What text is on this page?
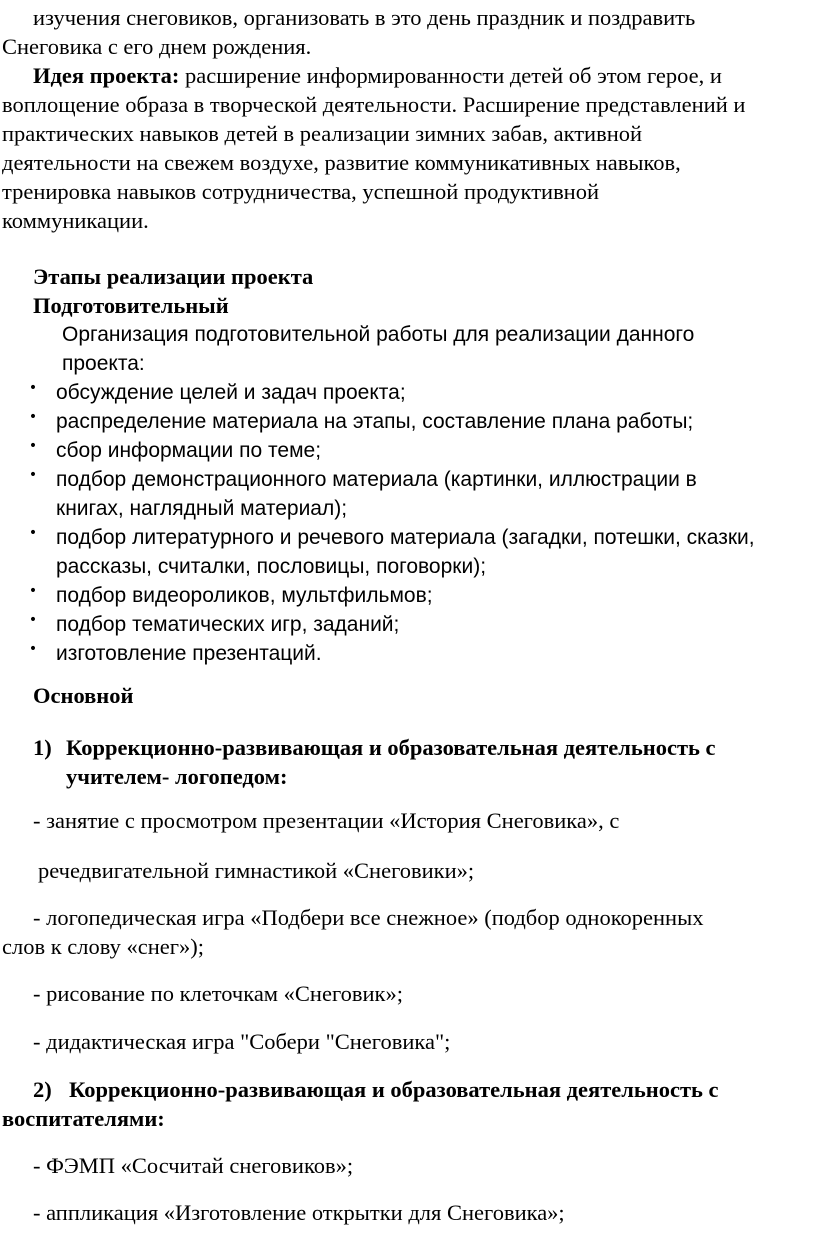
изучения снеговиков, организовать в это день праздник и поздравить
Снеговика с его днем рождения.
Идея проекта: расширение информированности детей об этом герое, и
воплощение образа в творческой деятельности. Расширение представлений и
практических навыков детей в реализации зимних забав, активной
деятельности на свежем воздухе, развитие коммуникативных навыков,
тренировка навыков сотрудничества, успешной продуктивной
коммуникации.
Этапы реализации проекта
Подготовительный
Организация подготовительной работы для реализации данного
проекта:
• обсуждение целей и задач проекта;
• распределение материала на этапы, составление плана работы;
• сбор информации по теме;
• подбор демонстрационного материала (картинки, иллюстрации в
книгах, наглядный материал);
• подбор литературного и речевого материала (загадки, потешки, сказки,
рассказы, считалки, пословицы, поговорки);
• подбор видеороликов, мультфильмов;
• подбор тематических игр, заданий;
• изготовление презентаций.
Основной
1) Коррекционно-развивающая и образовательная деятельность с
учителем- логопедом:
- занятие с просмотром презентации «История Снеговика», с
речедвигательной гимнастикой «Снеговики»;
- логопедическая игра «Подбери все снежное» (подбор однокоренных
слов к слову «снег»);
- рисование по клеточкам «Снеговик»;
- дидактическая игра "Собери "Снеговика";
2) Коррекционно-развивающая и образовательная деятельность с
воспитателями:
- ФЭМП «Сосчитай снеговиков»;
- аппликация «Изготовление открытки для Снеговика»;
